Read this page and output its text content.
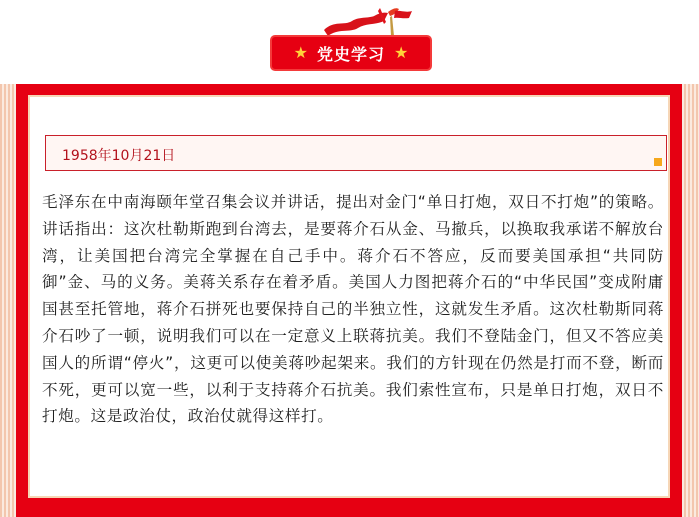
★ 党史学习 ★
1958年10月21日

毛泽东在中南海颐年堂召集会议并讲话，提出对金门“单日打炮，双日不打炮”的策略。讲话指出：这次杜勒斯跑到台湾去，是要蒋介石从金、马撤兵，以换取我承诺不解放台湾，让美国把台湾完全掌握在自己手中。蒋介石不答应，反而要美国承担“共同防御”金、马的义务。美蒋关系存在着矛盾。美国人力图把蒋介石的“中华民国”变成附庸国甚至托管地，蒋介石拼死也要保持自己的半独立性，这就发生矛盾。这次杜勒斯同蒋介石吵了一顿，说明我们可以在一定意义上联蒋抗美。我们不登陆金门，但又不答应美国人的所谓“停火”，这更可以使美蒋吵起架来。我们的方针现在仍然是打而不登，断而不死，更可以宽一些，以利于支持蒋介石抗美。我们索性宣布，只是单日打炮，双日不打炮。这是政治仗，政治仗就得这样打。
